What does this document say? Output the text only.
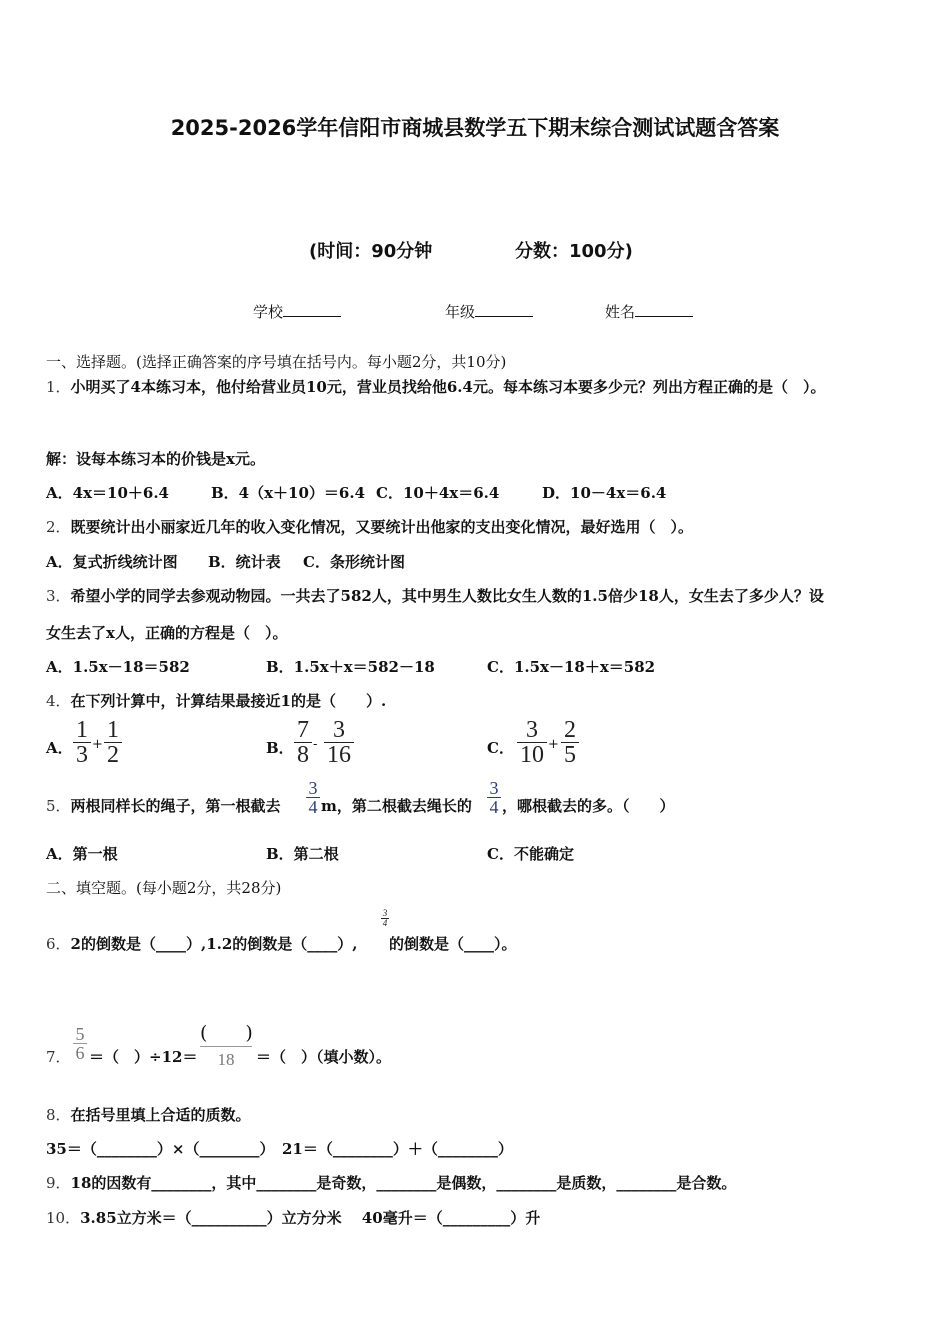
2025-2026学年信阳市商城县数学五下期末综合测试试题含答案
(时间：90分钟	分数：100分)
学校	年级	姓名
一、选择题。(选择正确答案的序号填在括号内。每小题2分，共10分)
1．小明买了4本练习本，他付给营业员10元，营业员找给他6.4元。每本练习本要多少元？列出方程正确的是（　）。
解：设每本练习本的价钱是x元。
A．4x＝10＋6.4	B．4（x＋10）＝6.4 C．10＋4x＝6.4	D．10－4x＝6.4
2．既要统计出小丽家近几年的收入变化情况，又要统计出他家的支出变化情况，最好选用（　）。
A．复式折线统计图 B．统计表 C．条形统计图
3．希望小学的同学去参观动物园。一共去了582人，其中男生人数比女生人数的1.5倍少18人，女生去了多少人？设
女生去了x人，正确的方程是（　）。
A．1.5x－18＝582	B．1.5x＋x＝582－18	C．1.5x－18＋x＝582
4．在下列计算中，计算结果最接近1的是（　　）.
A．
1
3 +
1
2	B．
7
8 -
3
16	C．
3
10 +
2
5
5．两根同样长的绳子，第一根截去
3
4 m，第二根截去绳长的
3
4 ，哪根截去的多。（　　）
A．第一根	B．第二根	C．不能确定
二、填空题。(每小题2分，共28分)
6．2的倒数是（____）,1.2的倒数是（____）,
3
4
的倒数是（____）。
7．
5
6 ＝（　）÷12＝
(　　)
18	＝（　）（填小数）。
8．在括号里填上合适的质数。
35＝（________）×（________）　21＝（________）＋（________）
9．18的因数有________，其中________是奇数，________是偶数，________是质数，________是合数。
10．3.85立方米＝（__________）立方分米　 40毫升＝（_________）升
